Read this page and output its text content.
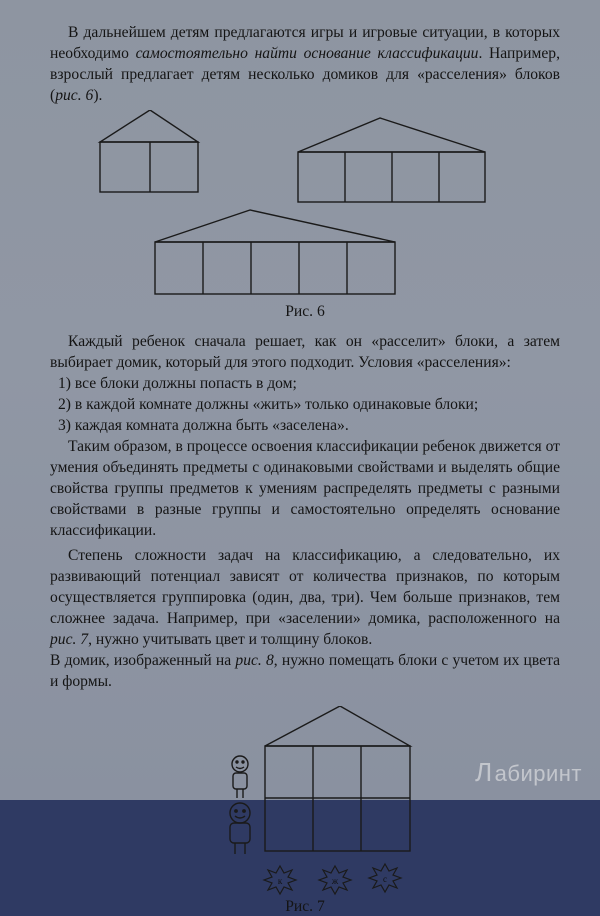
В дальнейшем детям предлагаются игры и игровые ситуации, в которых необходимо самостоятельно найти основание классификации. Например, взрослый предлагает детям несколько домиков для «расселения» блоков (рис. 6).

Рис. 6

Каждый ребенок сначала решает, как он «расселит» блоки, а затем выбирает домик, который для этого подходит. Условия «расселения»:

1) все блоки должны попасть в дом;

2) в каждой комнате должны «жить» только одинаковые блоки;

3) каждая комната должна быть «заселена».

Таким образом, в процессе освоения классификации ребенок движется от умения объединять предметы с одинаковыми свойствами и выделять общие свойства группы предметов к умениям распределять предметы с разными свойствами в разные группы и самостоятельно определять основание классификации.

Степень сложности задач на классификацию, а следовательно, их развивающий потенциал зависят от количества признаков, по которым осуществляется группировка (один, два, три). Чем больше признаков, тем сложнее задача. Например, при «заселении» домика, расположенного на рис. 7, нужно учитывать цвет и толщину блоков.

В домик, изображенный на рис. 8, нужно помещать блоки с учетом их цвета и формы.

к	ж	с

Рис. 7

Лабиринт
